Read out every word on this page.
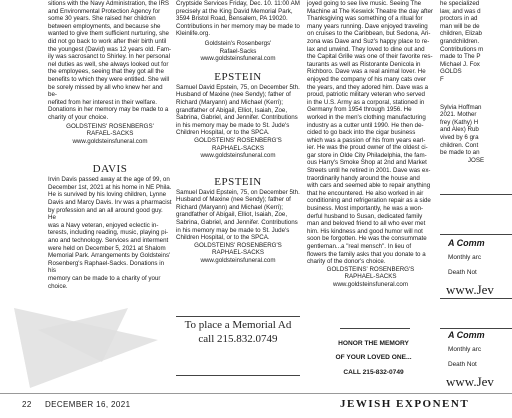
sitions with the Navy Administration, the IRS

and Environmental Protection Agency for

some 30 years. She raised her children

between employments, and because she

wanted to give them sufficient nurturing, she

did not go back to work after their birth until

the youngest (David) was 12 years old. Fam-

ily was sacrosanct to Shirley. In her personal

nel duties as well, she always looked out for

the employees, seeing that they got all the

benefits to which they were entitled. She will

be sorely missed by all who knew her and be-

nefited from her interest in their welfare.

Donations in her memory may be made to a

charity of your choice.

GOLDSTEINS' ROSENBERGS'

RAFAEL-SACKS

www.goldsteinsfuneral.com

DAVIS

Irvin Davis passed away at the age of 99, on

December 1st, 2021 at his home in NE Phila.

He is survived by his loving children, Lynne

Davis and Marcy Davis. Irv was a pharmacist

by profession and an all around good guy. He

was a Navy veteran, enjoyed eclectic in-

terests, including reading, music, playing pi-

ano and technology. Services and interment

were held on December 5, 2021 at Shalom

Memorial Park. Arrangements by Goldsteins'

Rosenberg's Raphael-Sacks. Donations in his

memory can be made to a charity of your

choice.

Cryptside Services Friday, Dec. 10. 11:00 AM

precisely at the King David Memorial Park,

3594 Bristol Road, Bensalem, PA 19020.

Contributions in her memory may be made to

Kleinlife.org.

Goldstein's Rosenbergs'

Rafael-Sacks

www.goldsteinsfuneral.com

EPSTEIN

Samuel David Epstein, 75, on December 5th.

Husband of Maxine (nee Sendy); father of

Richard (Maryann) and Michael (Kerri);

grandfather of Abigail, Elliot, Isaiah, Zoe,

Sabrina, Gabriel, and Jennifer. Contributions

in his memory may be made to St. Jude's

Children Hospital, or to the SPCA.

GOLDSTEINS' ROSENBERG'S

RAPHAEL-SACKS

www.goldsteinsfuneral.com

EPSTEIN

Samuel David Epstein, 75, on December 5th.

Husband of Maxine (nee Sendy); father of

Richard (Maryann) and Michael (Kerri);

grandfather of Abigail, Elliot, Isaiah, Zoe,

Sabrina, Gabriel, and Jennifer. Contributions

in his memory may be made to St. Jude's

Children Hospital, or to the SPCA.

GOLDSTEINS' ROSENBERG'S

RAPHAEL-SACKS

www.goldsteinsfuneral.com

To place a Memorial Ad
call 215.832.0749

joyed going to see live music. Seeing The

Machine at The Keswick Theatre the day after

Thanksgiving was something of a ritual for

many years running. Dave enjoyed traveling

on cruises to the Caribbean, but Sedona, Ari-

zona was Dave and Suz's happy place to re-

lax and unwind. They loved to dine out and

the Capital Grille was one of their favorite res-

taurants as well as Ristorante Denicola in

Richboro. Dave was a real animal lover. He

enjoyed the company of his many cats over

the years, and they adored him. Dave was a

proud, patriotic military veteran who served

in the U.S. Army as a corporal, stationed in

Germany from 1954 through 1956. He

worked in the men's clothing manufacturing

industry as a cutter until 1990. He then de-

cided to go back into the cigar business

which was a passion of his from years earl-

ier. He was the proud owner of the oldest ci-

gar store in Olde City Philadelphia, the fam-

ous Harry's Smoke Shop at 2nd and Market

Streets until he retired in 2001. Dave was ex-

traordinarily handy around the house and

with cars and seemed able to repair anything

that he encountered. He also worked in air

conditioning and refrigeration repair as a side

business. Most importantly, he was a won-

derful husband to Susan, dedicated family

man and beloved friend to all who ever met

him. His kindness and good humor will not

soon be forgotten. He was the consummate

gentleman...a "real mensch". In lieu of

flowers the family asks that you donate to a

charity of the donor's choice.

GOLDSTEINS' ROSENBERG'S

RAPHAEL-SACKS

www.goldsteinsfuneral.com

HONOR THE MEMORY

OF YOUR LOVED ONE...

CALL 215-832-0749

he specialized

law, and was d

proctors in ad

man will be de

children, Elizab

grandchildren.

Contributions m

made to The P

Michael J. Fox

GOLDS

F

Sylvia Hoffman

2021. Mother

frey (Kathy) H

and Alex) Rub

vived by 6 gra

children. Cont

be made to an

JOSE
A Comm

Monthly arc

Death Not

www.Jev
A Comm

Monthly arc

Death Not

www.Jev
22 DECEMBER 16, 2021	JEWISH EXPONENT
